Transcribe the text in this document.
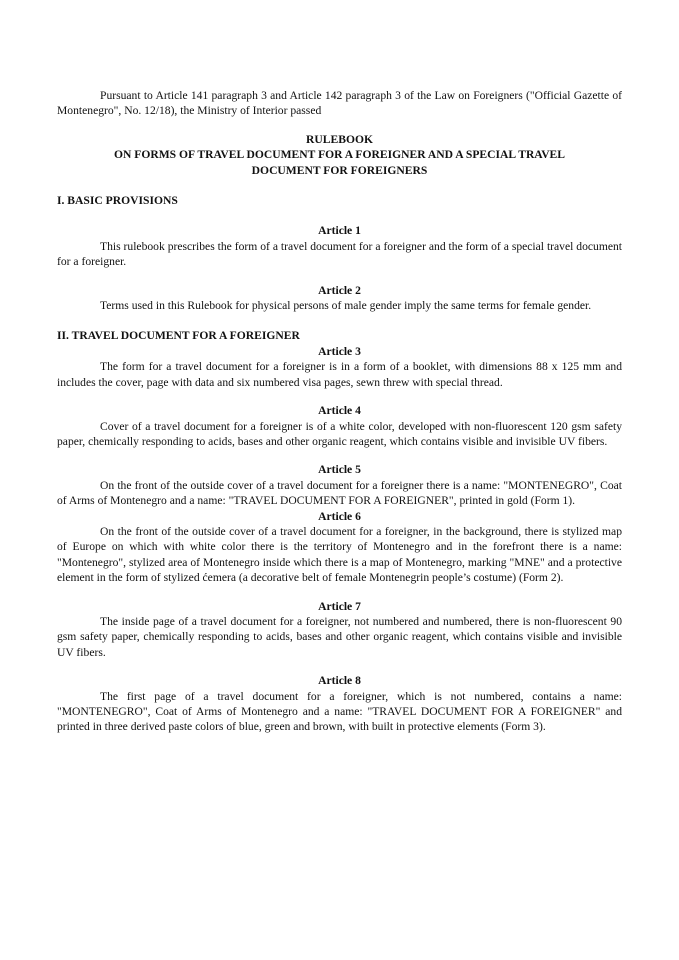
Pursuant to Article 141 paragraph 3 and Article 142 paragraph 3 of the Law on Foreigners ("Official Gazette of Montenegro", No. 12/18), the Ministry of Interior passed

RULEBOOK
ON FORMS OF TRAVEL DOCUMENT FOR A FOREIGNER AND A SPECIAL TRAVEL
DOCUMENT FOR FOREIGNERS
I. BASIC PROVISIONS
Article 1

This rulebook prescribes the form of a travel document for a foreigner and the form of a special travel document for a foreigner.

Article 2

Terms used in this Rulebook for physical persons of male gender imply the same terms for female gender.

II. TRAVEL DOCUMENT FOR A FOREIGNER
Article 3

The form for a travel document for a foreigner is in a form of a booklet, with dimensions 88 x 125 mm and includes the cover, page with data and six numbered visa pages, sewn threw with special thread.

Article 4

Cover of a travel document for a foreigner is of a white color, developed with non-fluorescent 120 gsm safety paper, chemically responding to acids, bases and other organic reagent, which contains visible and invisible UV fibers.

Article 5

On the front of the outside cover of a travel document for a foreigner there is a name: "MONTENEGRO", Coat of Arms of Montenegro and a name: "TRAVEL DOCUMENT FOR A FOREIGNER", printed in gold (Form 1).

Article 6

On the front of the outside cover of a travel document for a foreigner, in the background, there is stylized map of Europe on which with white color there is the territory of Montenegro and in the forefront there is a name: "Montenegro", stylized area of Montenegro inside which there is a map of Montenegro, marking "MNE" and a protective element in the form of stylized ćemera (a decorative belt of female Montenegrin people’s costume) (Form 2).

Article 7

The inside page of a travel document for a foreigner, not numbered and numbered, there is non-fluorescent 90 gsm safety paper, chemically responding to acids, bases and other organic reagent, which contains visible and invisible UV fibers.

Article 8

The first page of a travel document for a foreigner, which is not numbered, contains a name: "MONTENEGRO", Coat of Arms of Montenegro and a name: "TRAVEL DOCUMENT FOR A FOREIGNER" and printed in three derived paste colors of blue, green and brown, with built in protective elements (Form 3).
